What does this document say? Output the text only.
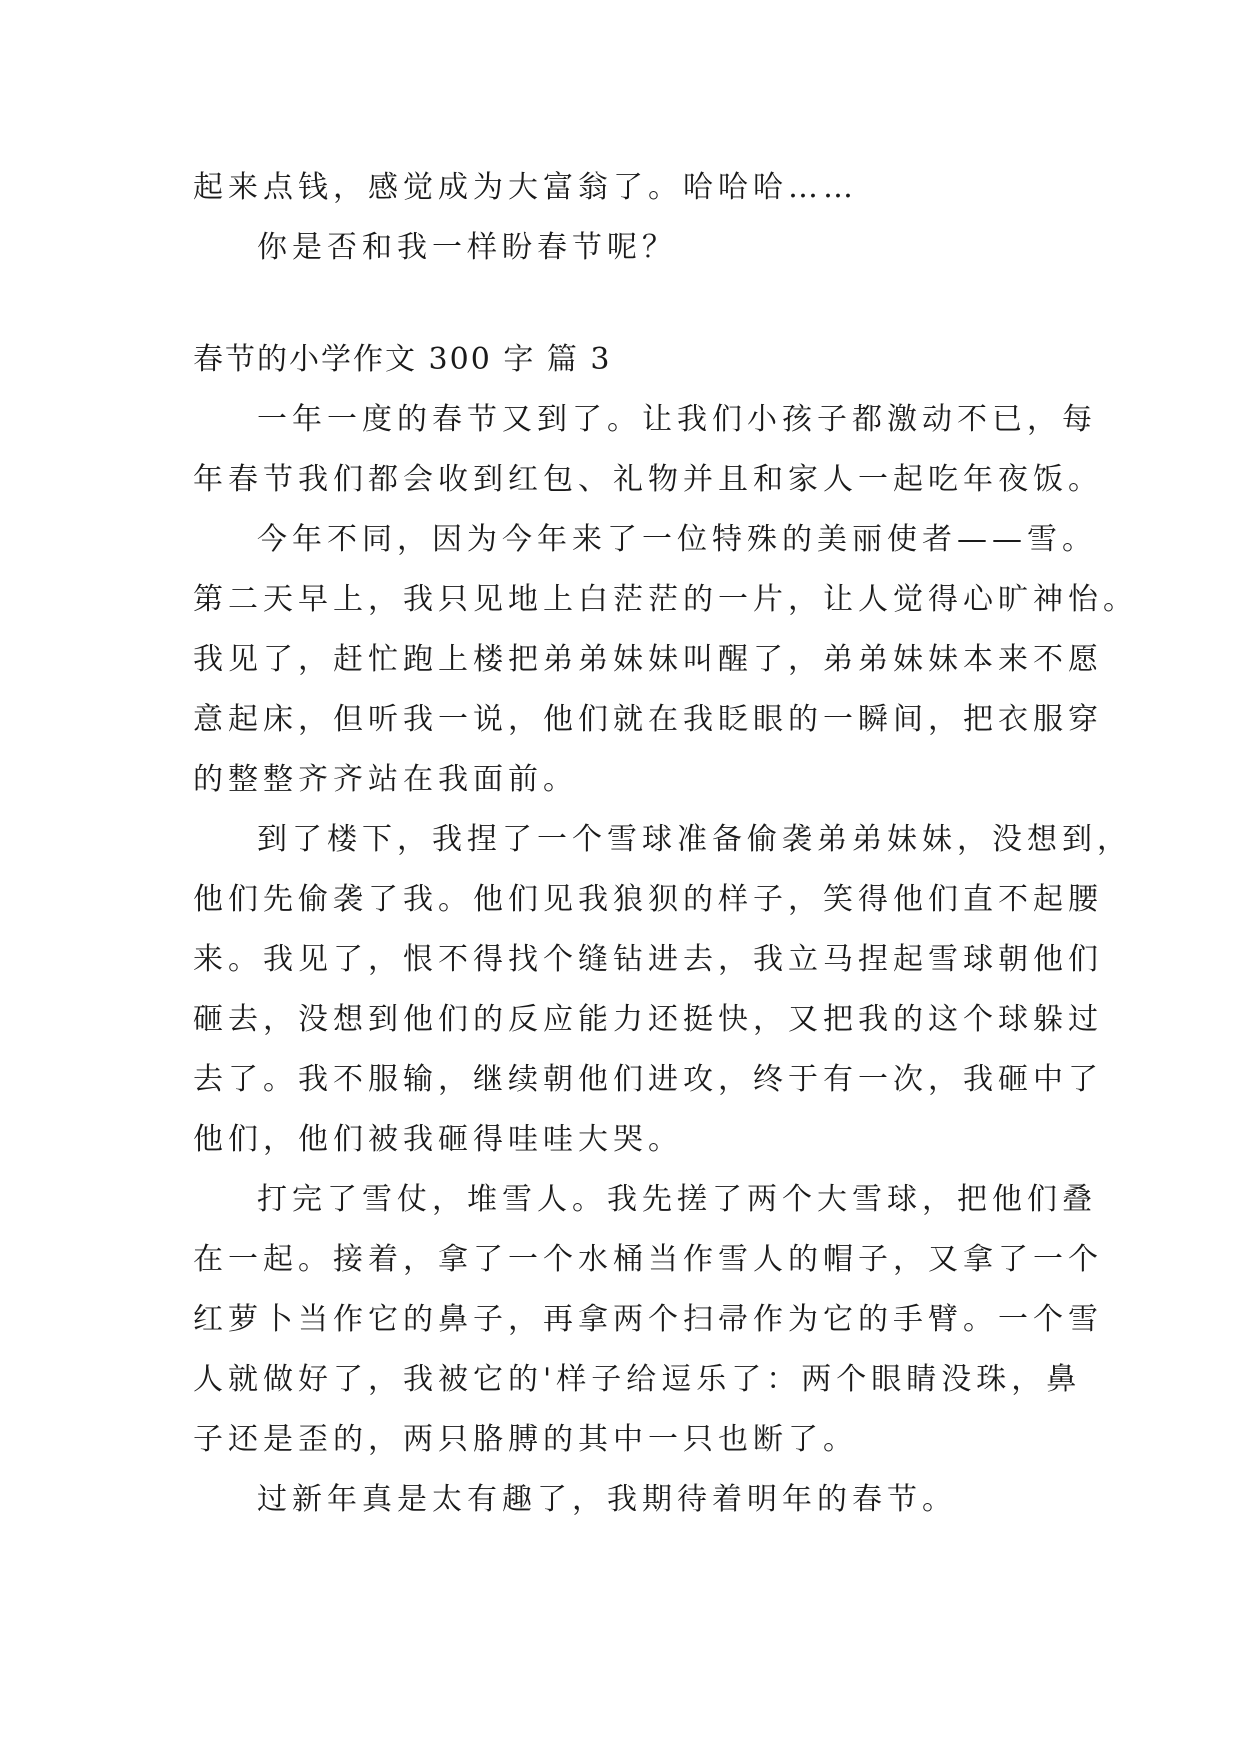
起来点钱，感觉成为大富翁了。哈哈哈……

你是否和我一样盼春节呢？

春节的小学作文 300 字 篇 3

一年一度的春节又到了。让我们小孩子都激动不已，每

年春节我们都会收到红包、礼物并且和家人一起吃年夜饭。

今年不同，因为今年来了一位特殊的美丽使者——雪。

第二天早上，我只见地上白茫茫的一片，让人觉得心旷神怡。

我见了，赶忙跑上楼把弟弟妹妹叫醒了，弟弟妹妹本来不愿

意起床，但听我一说，他们就在我眨眼的一瞬间，把衣服穿

的整整齐齐站在我面前。

到了楼下，我捏了一个雪球准备偷袭弟弟妹妹，没想到，

他们先偷袭了我。他们见我狼狈的样子，笑得他们直不起腰

来。我见了，恨不得找个缝钻进去，我立马捏起雪球朝他们

砸去，没想到他们的反应能力还挺快，又把我的这个球躲过

去了。我不服输，继续朝他们进攻，终于有一次，我砸中了

他们，他们被我砸得哇哇大哭。

打完了雪仗，堆雪人。我先搓了两个大雪球，把他们叠

在一起。接着，拿了一个水桶当作雪人的帽子，又拿了一个

红萝卜当作它的鼻子，再拿两个扫帚作为它的手臂。一个雪

人就做好了，我被它的'样子给逗乐了：两个眼睛没珠，鼻

子还是歪的，两只胳膊的其中一只也断了。

过新年真是太有趣了，我期待着明年的春节。
